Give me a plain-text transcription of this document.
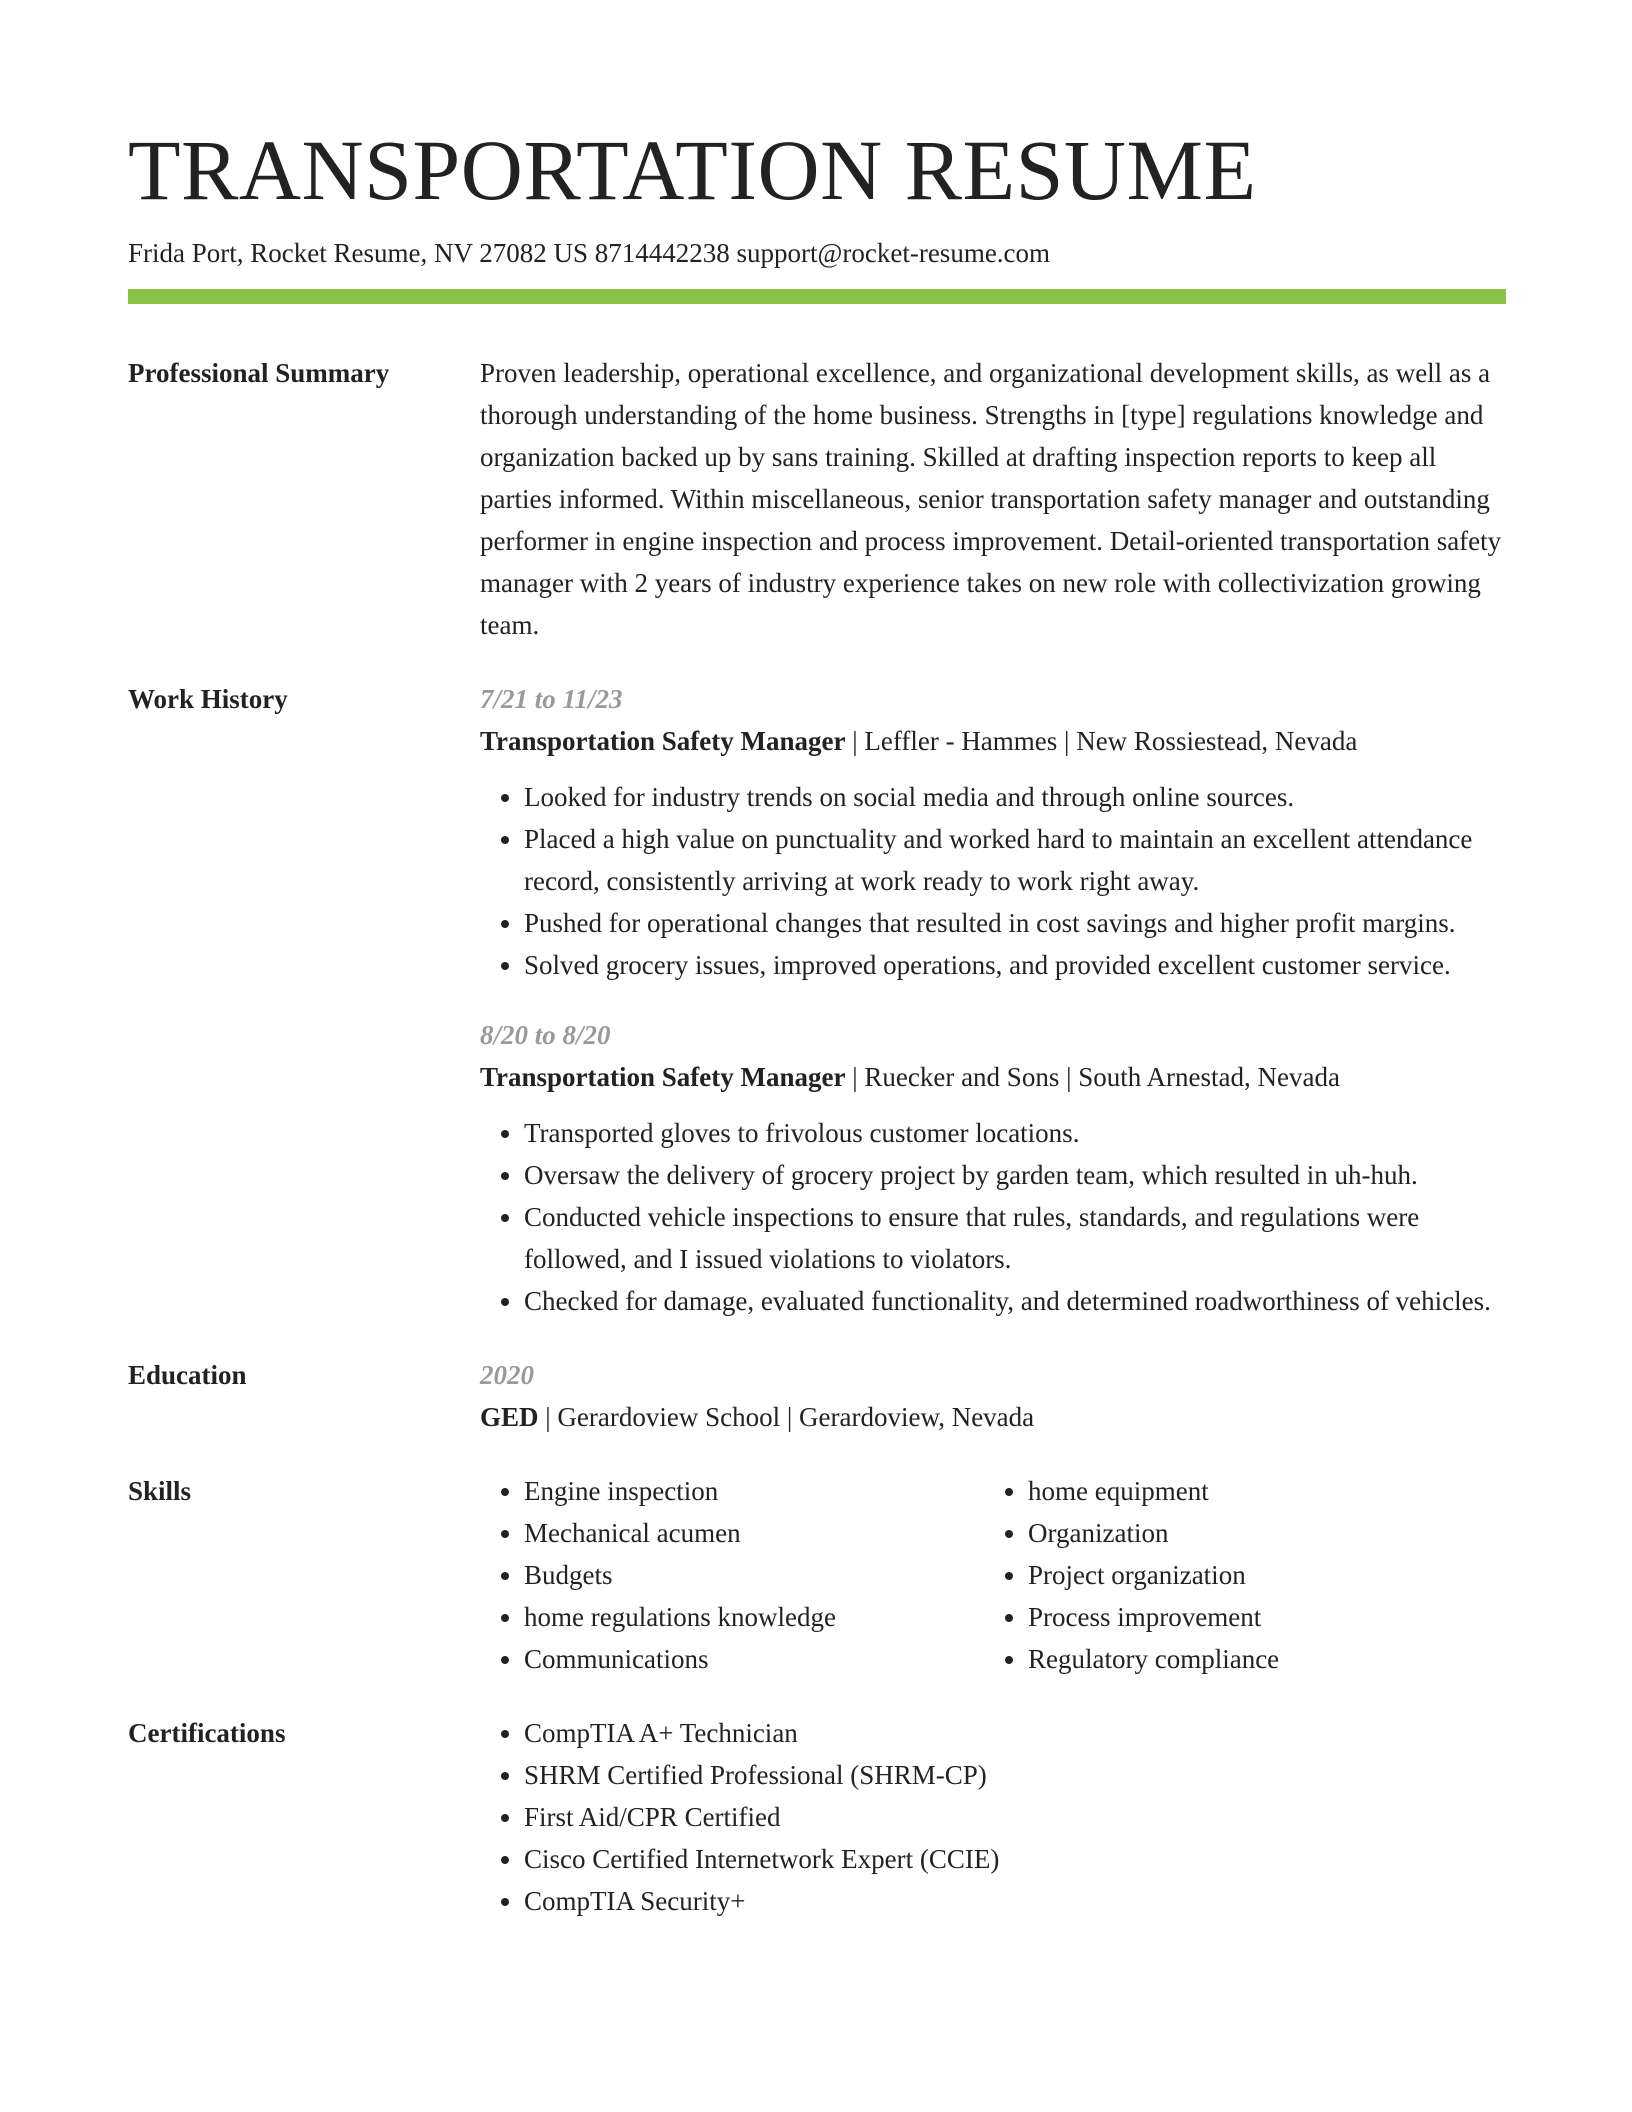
TRANSPORTATION RESUME
Frida Port, Rocket Resume, NV 27082 US 8714442238 support@rocket-resume.com
Professional Summary	Proven leadership, operational excellence, and organizational development skills, as well as a thorough understanding of the home business. Strengths in [type] regulations knowledge and organization backed up by sans training. Skilled at drafting inspection reports to keep all parties informed. Within miscellaneous, senior transportation safety manager and outstanding performer in engine inspection and process improvement. Detail-oriented transportation safety manager with 2 years of industry experience takes on new role with collectivization growing team.
Work History	7/21 to 11/23
Transportation Safety Manager | Leffler - Hammes | New Rossiestead, Nevada
• Looked for industry trends on social media and through online sources.
• Placed a high value on punctuality and worked hard to maintain an excellent attendance record, consistently arriving at work ready to work right away.
• Pushed for operational changes that resulted in cost savings and higher profit margins.
• Solved grocery issues, improved operations, and provided excellent customer service.
8/20 to 8/20
Transportation Safety Manager | Ruecker and Sons | South Arnestad, Nevada
• Transported gloves to frivolous customer locations.
• Oversaw the delivery of grocery project by garden team, which resulted in uh-huh.
• Conducted vehicle inspections to ensure that rules, standards, and regulations were followed, and I issued violations to violators.
• Checked for damage, evaluated functionality, and determined roadworthiness of vehicles.
Education	2020
GED | Gerardoview School | Gerardoview, Nevada
Skills	• Engine inspection
• Mechanical acumen
• Budgets
• home regulations knowledge
• Communications
• home equipment
• Organization
• Project organization
• Process improvement
• Regulatory compliance
Certifications	• CompTIA A+ Technician
• SHRM Certified Professional (SHRM-CP)
• First Aid/CPR Certified
• Cisco Certified Internetwork Expert (CCIE)
• CompTIA Security+
